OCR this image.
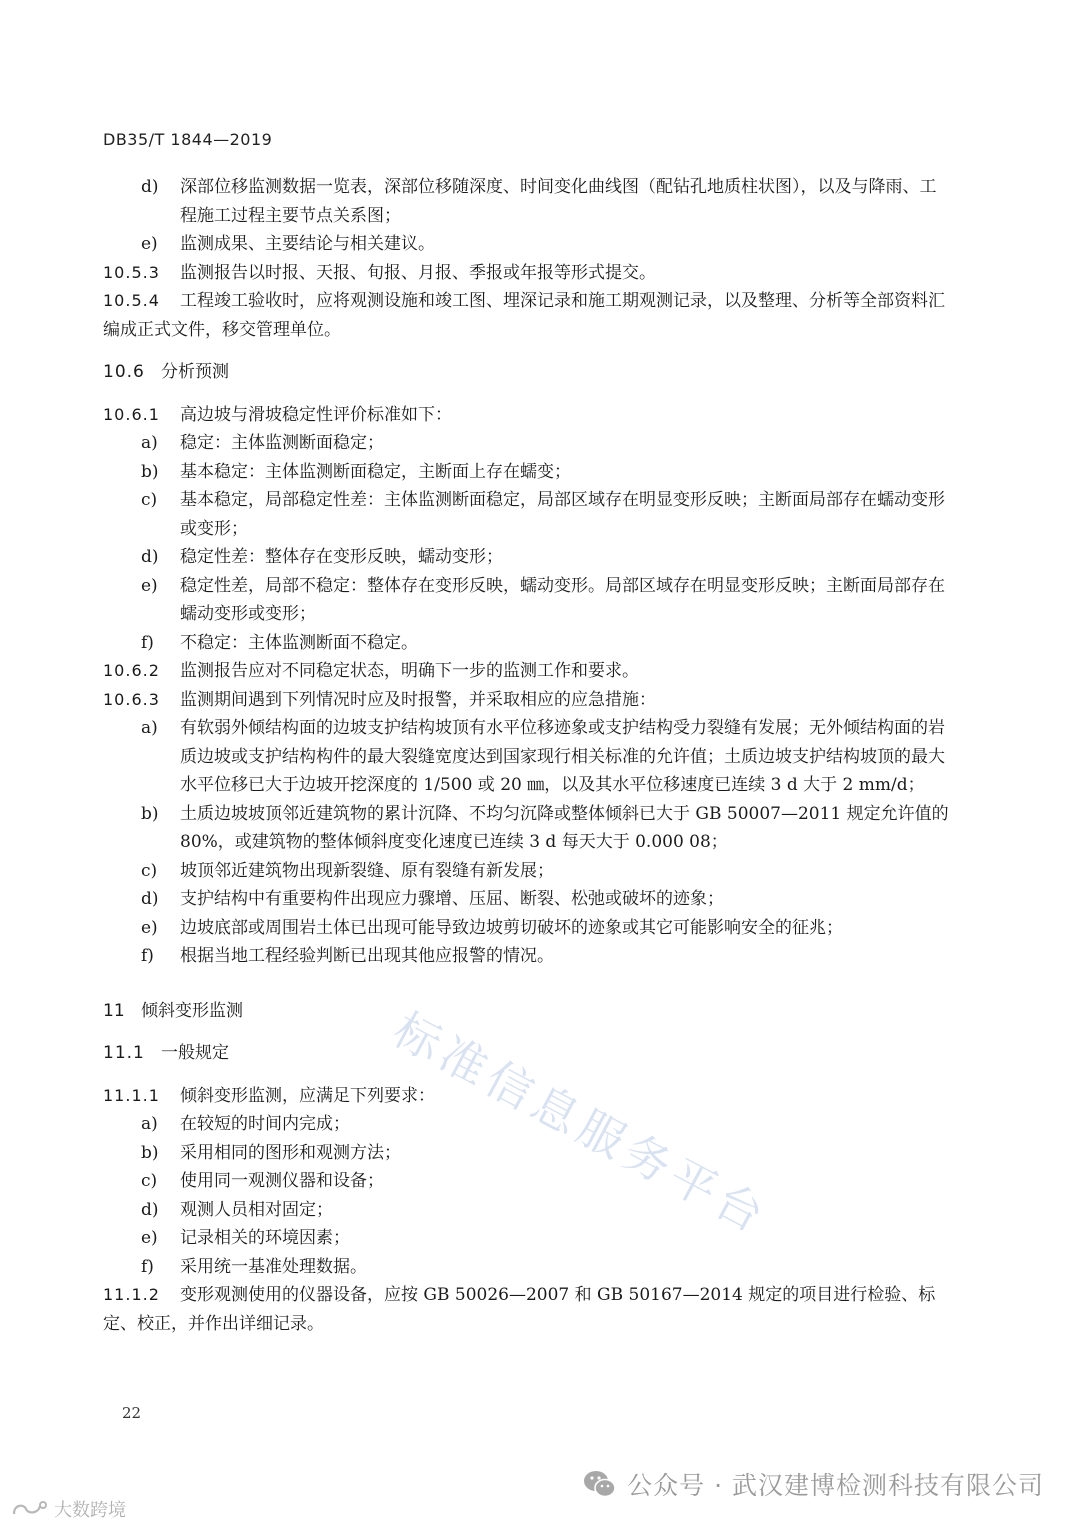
DB35/T 1844—2019
标准信息服务平台
d) 深部位移监测数据一览表，深部位移随深度、时间变化曲线图（配钻孔地质柱状图），以及与降雨、工程施工过程主要节点关系图；
e) 监测成果、主要结论与相关建议。
10.5.3 监测报告以时报、天报、旬报、月报、季报或年报等形式提交。
10.5.4 工程竣工验收时，应将观测设施和竣工图、埋深记录和施工期观测记录，以及整理、分析等全部资料汇编成正式文件，移交管理单位。
10.6 分析预测
10.6.1 高边坡与滑坡稳定性评价标准如下：
a) 稳定：主体监测断面稳定；
b) 基本稳定：主体监测断面稳定，主断面上存在蠕变；
c) 基本稳定，局部稳定性差：主体监测断面稳定，局部区域存在明显变形反映；主断面局部存在蠕动变形或变形；
d) 稳定性差：整体存在变形反映，蠕动变形；
e) 稳定性差，局部不稳定：整体存在变形反映，蠕动变形。局部区域存在明显变形反映；主断面局部存在蠕动变形或变形；
f) 不稳定：主体监测断面不稳定。
10.6.2 监测报告应对不同稳定状态，明确下一步的监测工作和要求。
10.6.3 监测期间遇到下列情况时应及时报警，并采取相应的应急措施：
a) 有软弱外倾结构面的边坡支护结构坡顶有水平位移迹象或支护结构受力裂缝有发展；无外倾结构面的岩质边坡或支护结构构件的最大裂缝宽度达到国家现行相关标准的允许值；土质边坡支护结构坡顶的最大水平位移已大于边坡开挖深度的 1/500 或 20 ㎜，以及其水平位移速度已连续 3 d 大于 2 mm/d；
b) 土质边坡坡顶邻近建筑物的累计沉降、不均匀沉降或整体倾斜已大于 GB 50007—2011 规定允许值的 80%，或建筑物的整体倾斜度变化速度已连续 3 d 每天大于 0.000 08；
c) 坡顶邻近建筑物出现新裂缝、原有裂缝有新发展；
d) 支护结构中有重要构件出现应力骤增、压屈、断裂、松弛或破坏的迹象；
e) 边坡底部或周围岩土体已出现可能导致边坡剪切破坏的迹象或其它可能影响安全的征兆；
f) 根据当地工程经验判断已出现其他应报警的情况。
11 倾斜变形监测
11.1 一般规定
11.1.1 倾斜变形监测，应满足下列要求：
a) 在较短的时间内完成；
b) 采用相同的图形和观测方法；
c) 使用同一观测仪器和设备；
d) 观测人员相对固定；
e) 记录相关的环境因素；
f) 采用统一基准处理数据。
11.1.2 变形观测使用的仪器设备，应按 GB 50026—2007 和 GB 50167—2014 规定的项目进行检验、标定、校正，并作出详细记录。
22
公众号 · 武汉建博检测科技有限公司
大数跨境
